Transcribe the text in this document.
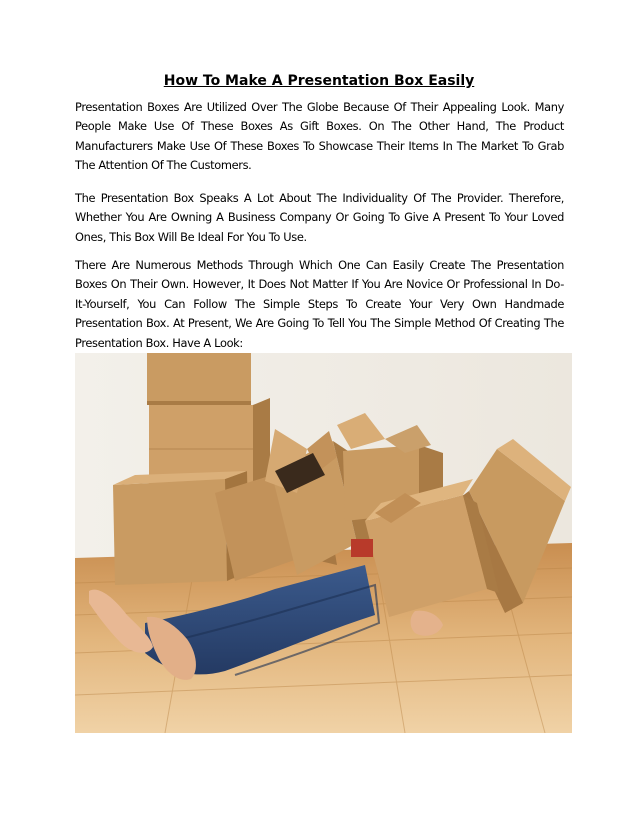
How To Make A Presentation Box Easily

Presentation Boxes Are Utilized Over The Globe Because Of Their Appealing Look. Many People Make Use Of These Boxes As Gift Boxes. On The Other Hand, The Product Manufacturers Make Use Of These Boxes To Showcase Their Items In The Market To Grab The Attention Of The Customers.

The Presentation Box Speaks A Lot About The Individuality Of The Provider. Therefore, Whether You Are Owning A Business Company Or Going To Give A Present To Your Loved Ones, This Box Will Be Ideal For You To Use.

There Are Numerous Methods Through Which One Can Easily Create The Presentation Boxes On Their Own. However, It Does Not Matter If You Are Novice Or Professional In Do-It-Yourself, You Can Follow The Simple Steps To Create Your Very Own Handmade Presentation Box. At Present, We Are Going To Tell You The Simple Method Of Creating The Presentation Box. Have A Look:
